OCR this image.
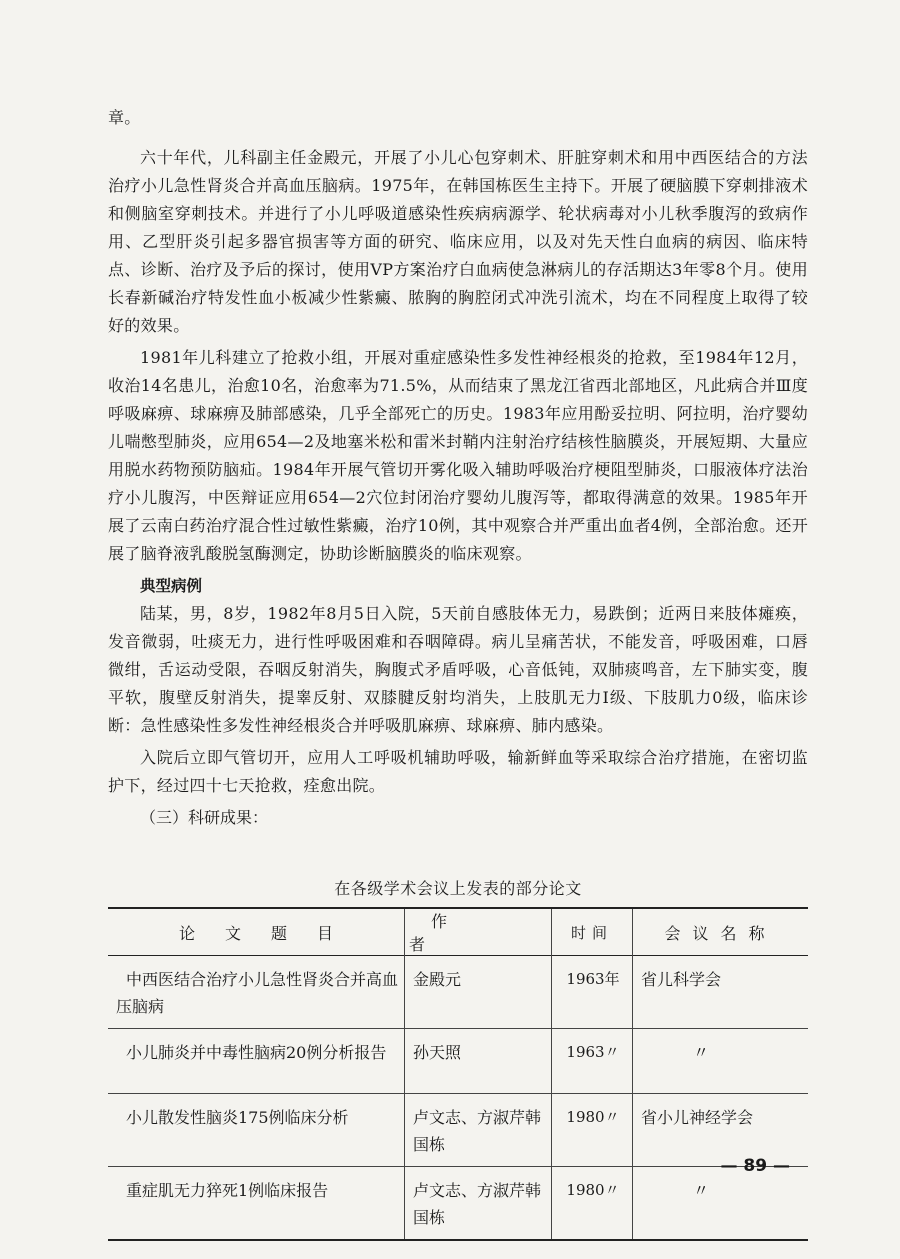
章。

六十年代，儿科副主任金殿元，开展了小儿心包穿刺术、肝脏穿刺术和用中西医结合的方法治疗小儿急性肾炎合并高血压脑病。1975年，在韩国栋医生主持下。开展了硬脑膜下穿刺排液术和侧脑室穿刺技术。并进行了小儿呼吸道感染性疾病病源学、轮状病毒对小儿秋季腹泻的致病作用、乙型肝炎引起多器官损害等方面的研究、临床应用，以及对先天性白血病的病因、临床特点、诊断、治疗及予后的探讨，使用VP方案治疗白血病使急淋病儿的存活期达3年零8个月。使用长春新碱治疗特发性血小板减少性紫癜、脓胸的胸腔闭式冲洗引流术，均在不同程度上取得了较好的效果。

1981年儿科建立了抢救小组，开展对重症感染性多发性神经根炎的抢救，至1984年12月，收治14名患儿，治愈10名，治愈率为71.5%，从而结束了黑龙江省西北部地区，凡此病合并Ⅲ度呼吸麻痹、球麻痹及肺部感染，几乎全部死亡的历史。1983年应用酚妥拉明、阿拉明，治疗婴幼儿喘憋型肺炎，应用654—2及地塞米松和雷米封鞘内注射治疗结核性脑膜炎，开展短期、大量应用脱水药物预防脑疝。1984年开展气管切开雾化吸入辅助呼吸治疗梗阻型肺炎，口服液体疗法治疗小儿腹泻，中医辩证应用654—2穴位封闭治疗婴幼儿腹泻等，都取得满意的效果。1985年开展了云南白药治疗混合性过敏性紫癜，治疗10例，其中观察合并严重出血者4例，全部治愈。还开展了脑脊液乳酸脱氢酶测定，协助诊断脑膜炎的临床观察。

典型病例

陆某，男，8岁，1982年8月5日入院，5天前自感肢体无力，易跌倒；近两日来肢体瘫痪，发音微弱，吐痰无力，进行性呼吸困难和吞咽障碍。病儿呈痛苦状，不能发音，呼吸困难，口唇微绀，舌运动受限，吞咽反射消失，胸腹式矛盾呼吸，心音低钝，双肺痰鸣音，左下肺实变，腹平软，腹壁反射消失，提睾反射、双膝腱反射均消失，上肢肌无力Ⅰ级、下肢肌力0级，临床诊断：急性感染性多发性神经根炎合并呼吸肌麻痹、球麻痹、肺内感染。

入院后立即气管切开，应用人工呼吸机辅助呼吸，输新鲜血等采取综合治疗措施，在密切监护下，经过四十七天抢救，痊愈出院。

（三）科研成果：

在各级学术会议上发表的部分论文
论文题目	作者	时间	会议名称
中西医结合治疗小儿急性肾炎合并高血压脑病	金殿元	1963年	省儿科学会
小儿肺炎并中毒性脑病20例分析报告	孙天照	1963〃	〃
小儿散发性脑炎175例临床分析	卢文志、方淑芹韩国栋	1980〃	省小儿神经学会
重症肌无力猝死1例临床报告	卢文志、方淑芹韩国栋	1980〃	〃
— 89 —
